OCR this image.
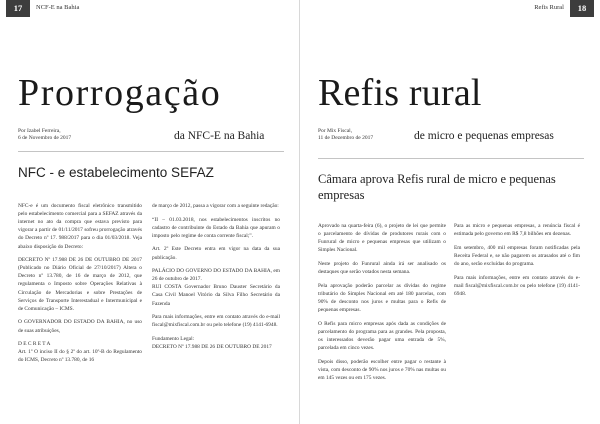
17	NCF-E na Bahia
Prorrogação
Por Izabel Ferreira,
6 de Novembro de 2017	da NFC-E na Bahia
NFC - e estabelecimento SEFAZ

NFC-e é um documento fiscal eletrônico transmitido pelo estabelecimento comercial para a SEFAZ através da internet no ato da compra que estava previsto para vigorar a partir de 01/11/2017 sofreu prorrogação através do Decreto nº 17. 988/2017 para o dia 01/03/2018. Veja abaixo disposição do Decreto:

DECRETO Nº 17.988 DE 26 DE OUTUBRO DE 2017 (Publicado no Diário Oficial de 27/10/2017) Altera o Decreto nº 13.780, de 16 de março de 2012, que regulamenta o Imposto sobre Operações Relativas à Circulação de Mercadorias e sobre Prestações de Serviços de Transporte Interestadual e Intermunicipal e de Comunicação – ICMS.

O GOVERNADOR DO ESTADO DA BAHIA, no uso de suas atribuições,

D E C R E T A
Art. 1º O inciso II do § 2º do art. 10º-B do Regulamento do ICMS, Decreto nº 13.780, de 16

de março de 2012, passa a vigorar com a seguinte redação:

“II – 01.03.2018, nos estabelecimentos inscritos no cadastro de contribuinte do Estado da Bahia que apuram o imposto pelo regime de conta corrente fiscal;”.

Art. 2º Este Decreto entra em vigor na data da sua publicação.

PALÁCIO DO GOVERNO DO ESTADO DA BAHIA, em 26 de outubro de 2017.
RUI COSTA Governador Bruno Dauster Secretário da Casa Civil Manoel Vitório da Silva Filho Secretário da Fazenda

Para mais informações, entre em contato através do e-mail fiscal@mixfiscal.com.br ou pelo telefone (19) 4141-6948.

Fundamento Legal:
DECRETO Nº 17.988 DE 26 DE OUTUBRO DE 2017

18
Refis Rural
Refis rural
Por Mix Fiscal,
11 de Dezembro de 2017	de micro e pequenas empresas
Câmara aprova Refis rural de micro e pequenas empresas

Aprovado na quarta-feira (6), o projeto de lei que permite o parcelamento de dívidas de produtores rurais com o Funrural de micro e pequenas empresas que utilizam o Simples Nacional.

Neste projeto do Funrural ainda irá ser analisado os destaques que serão votados nesta semana.

Pela aprovação poderão parcelar as dívidas do regime tributário do Simples Nacional em até 180 parcelas, com 90% de desconto nos juros e multas para o Refis de pequenas empresas.

O Refis para micro empresas após dada as condições de parcelamento do programa para as grandes. Pela proposta, os interessados deverão pagar uma entrada de 5%, parcelada em cinco vezes.

Depois disso, poderão escolher entre pagar o restante à vista, com desconto de 90% nos juros e 70% nas multas ou em 145 vezes ou em 175 vezes.

Para as micro e pequenas empresas, a renúncia fiscal é estimada pelo governo em R$ 7,8 bilhões em dezenas.

Em setembro, 400 mil empresas foram notificadas pela Receita Federal e, se não pagarem os atrasados até o fim do ano, serão excluídas do programa.

Para mais informações, entre em contato através do e-mail fiscal@mixfiscal.com.br ou pelo telefone (19) 4141-6948.
